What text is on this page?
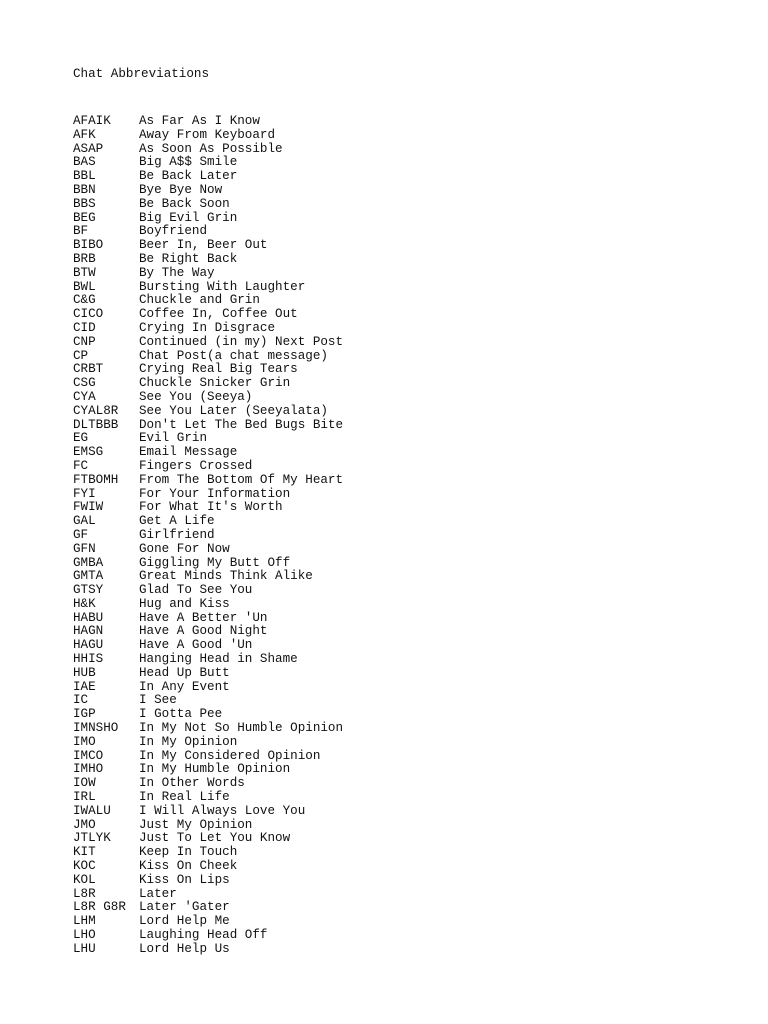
Chat Abbreviations
AFAIK	As Far As I Know
AFK	Away From Keyboard
ASAP	As Soon As Possible
BAS	Big A$$ Smile
BBL	Be Back Later
BBN	Bye Bye Now
BBS	Be Back Soon
BEG	Big Evil Grin
BF	Boyfriend
BIBO	Beer In, Beer Out
BRB	Be Right Back
BTW	By The Way
BWL	Bursting With Laughter
C&G	Chuckle and Grin
CICO	Coffee In, Coffee Out
CID	Crying In Disgrace
CNP	Continued (in my) Next Post
CP	Chat Post(a chat message)
CRBT	Crying Real Big Tears
CSG	Chuckle Snicker Grin
CYA	See You (Seeya)
CYAL8R	See You Later (Seeyalata)
DLTBBB	Don't Let The Bed Bugs Bite
EG	Evil Grin
EMSG	Email Message
FC	Fingers Crossed
FTBOMH	From The Bottom Of My Heart
FYI	For Your Information
FWIW	For What It's Worth
GAL	Get A Life
GF	Girlfriend
GFN	Gone For Now
GMBA	Giggling My Butt Off
GMTA	Great Minds Think Alike
GTSY	Glad To See You
H&K	Hug and Kiss
HABU	Have A Better 'Un
HAGN	Have A Good Night
HAGU	Have A Good 'Un
HHIS	Hanging Head in Shame
HUB	Head Up Butt
IAE	In Any Event
IC	I See
IGP	I Gotta Pee
IMNSHO	In My Not So Humble Opinion
IMO	In My Opinion
IMCO	In My Considered Opinion
IMHO	In My Humble Opinion
IOW	In Other Words
IRL	In Real Life
IWALU	I Will Always Love You
JMO	Just My Opinion
JTLYK	Just To Let You Know
KIT	Keep In Touch
KOC	Kiss On Cheek
KOL	Kiss On Lips
L8R	Later
L8R G8R	Later 'Gater
LHM	Lord Help Me
LHO	Laughing Head Off
LHU	Lord Help Us
